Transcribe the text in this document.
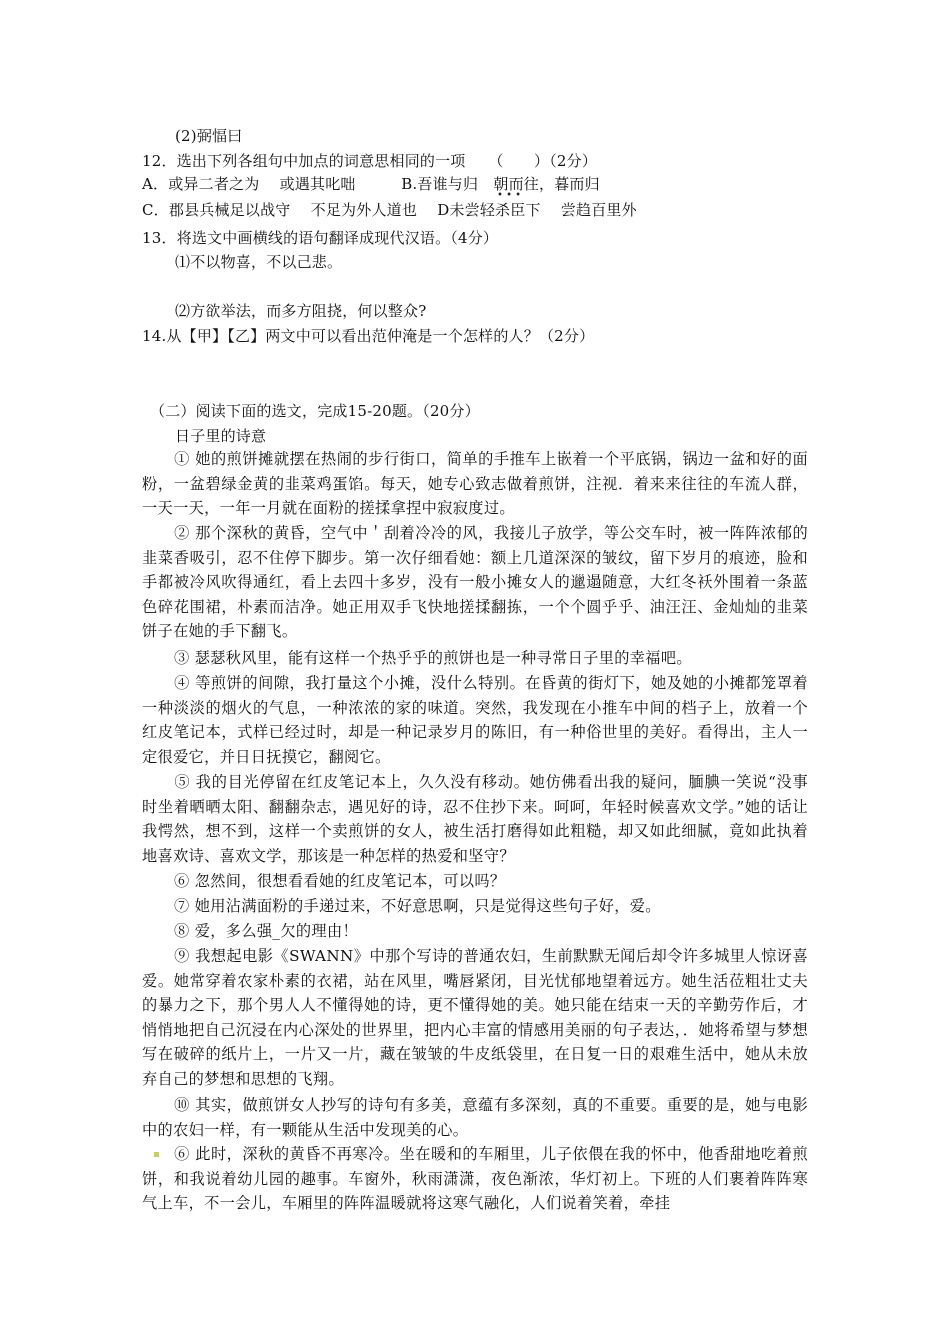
(2)弼愊曰
12．选出下列各组句中加点的词意思相同的一项　　（　　）（2分）
A．或异二者之为　 或遇其叱咄　　　B.吾谁与归　朝而往，暮而归
• • •
C．郡县兵械足以战守　 不足为外人道也　 D未尝轻杀臣下　 尝趋百里外
13．将选文中画横线的语句翻译成现代汉语。（4分）
⑴不以物喜，不以己悲。
⑵方欲举法，而多方阻挠，何以整众?
14.从【甲】【乙】两文中可以看出范仲淹是一个怎样的人？（2分）
（二）阅读下面的选文，完成15-20题。（20分）
日子里的诗意
① 她的煎饼摊就摆在热闹的步行街口，简单的手推车上嵌着一个平底锅，锅边一盆和好的面粉，一盆碧绿金黄的韭菜鸡蛋馅。每天，她专心致志做着煎饼，注视．着来来往往的车流人群，一天一天，一年一月就在面粉的搓揉拿捏中寂寂度过。
② 那个深秋的黄昏，空气中＇刮着冷冷的风，我接儿子放学，等公交车时，被一阵阵浓郁的韭菜香吸引，忍不住停下脚步。第一次仔细看她：额上几道深深的皱纹，留下岁月的痕迹，脸和手都被冷风吹得通红，看上去四十多岁，没有一般小摊女人的邋遢随意，大红冬袄外围着一条蓝色碎花围裙，朴素而洁净。她正用双手飞快地搓揉翻拣，一个个圆乎乎、油汪汪、金灿灿的韭菜饼子在她的手下翻飞。
③ 瑟瑟秋风里，能有这样一个热乎乎的煎饼也是一种寻常日子里的幸福吧。
④ 等煎饼的间隙，我打量这个小摊，没什么特别。在昏黄的街灯下，她及她的小摊都笼罩着一种淡淡的烟火的气息，一种浓浓的家的味道。突然，我发现在小推车中间的档子上，放着一个红皮笔记本，式样已经过时，却是一种记录岁月的陈旧，有一种俗世里的美好。看得出，主人一定很爱它，并日日抚摸它，翻阅它。
⑤ 我的目光停留在红皮笔记本上，久久没有移动。她仿佛看出我的疑问，腼腆一笑说“没事时坐着晒晒太阳、翻翻杂志，遇见好的诗，忍不住抄下来。呵呵，年轻时候喜欢文学。”她的话让我愕然，想不到，这样一个卖煎饼的女人，被生活打磨得如此粗糙，却又如此细腻，竟如此执着地喜欢诗、喜欢文学，那该是一种怎样的热爱和坚守？
⑥ 忽然间，很想看看她的红皮笔记本，可以吗？
⑦ 她用沾满面粉的手递过来，不好意思啊，只是觉得这些句子好，爱。
⑧ 爱，多么强_欠的理由！
⑨ 我想起电影《SWANN》中那个写诗的普通农妇，生前默默无闻后却令许多城里人惊讶喜爱。她常穿着农家朴素的衣裙，站在风里，嘴唇紧闭，目光忧郁地望着远方。她生活莅粗壮丈夫的暴力之下，那个男人人不懂得她的诗，更不懂得她的美。她只能在结束一天的辛勤劳作后，才悄悄地把自己沉浸在内心深处的世界里，把内心丰富的情感用美丽的句子表达，．她将希望与梦想写在破碎的纸片上，一片又一片，藏在皱皱的牛皮纸袋里，在日复一日的艰难生活中，她从未放弃自己的梦想和思想的飞翔。
⑩ 其实，做煎饼女人抄写的诗句有多美，意蕴有多深刻，真的不重要。重要的是，她与电影中的农妇一样，有一颗能从生活中发现美的心。
⑥ 此时，深秋的黄昏不再寒冷。坐在暖和的车厢里，儿子依偎在我的怀中，他香甜地吃着煎饼，和我说着幼儿园的趣事。车窗外，秋雨潇潇，夜色渐浓，华灯初上。下班的人们裹着阵阵寒气上车，不一会儿，车厢里的阵阵温暖就将这寒气融化，人们说着笑着，牵挂
